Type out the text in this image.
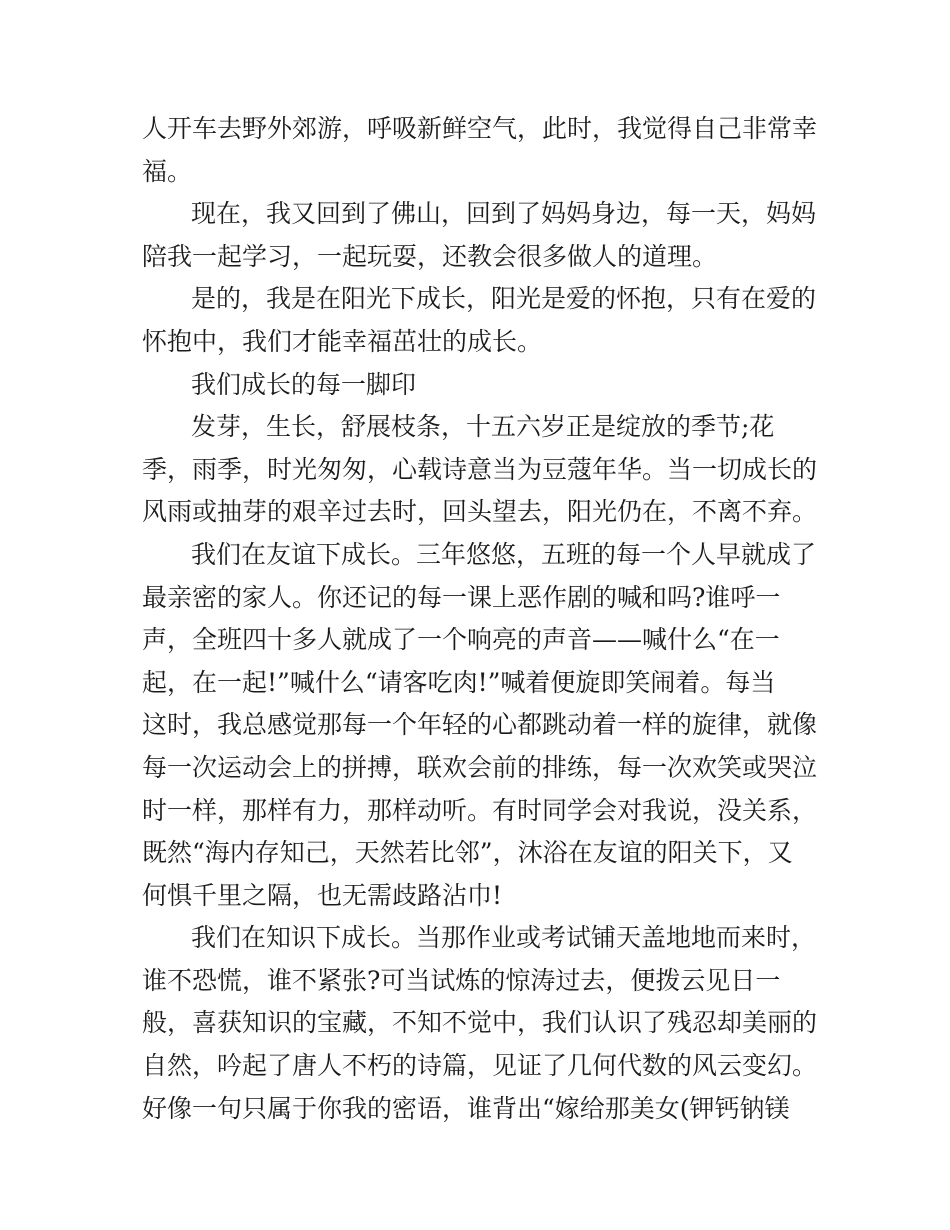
人开车去野外郊游，呼吸新鲜空气，此时，我觉得自己非常幸
福。
现在，我又回到了佛山，回到了妈妈身边，每一天，妈妈
陪我一起学习，一起玩耍，还教会很多做人的道理。
是的，我是在阳光下成长，阳光是爱的怀抱，只有在爱的
怀抱中，我们才能幸福茁壮的成长。
我们成长的每一脚印
发芽，生长，舒展枝条，十五六岁正是绽放的季节;花
季，雨季，时光匆匆，心载诗意当为豆蔻年华。当一切成长的
风雨或抽芽的艰辛过去时，回头望去，阳光仍在，不离不弃。
我们在友谊下成长。三年悠悠，五班的每一个人早就成了
最亲密的家人。你还记的每一课上恶作剧的喊和吗?谁呼一
声，全班四十多人就成了一个响亮的声音——喊什么“在一
起，在一起!”喊什么“请客吃肉!”喊着便旋即笑闹着。每当
这时，我总感觉那每一个年轻的心都跳动着一样的旋律，就像
每一次运动会上的拼搏，联欢会前的排练，每一次欢笑或哭泣
时一样，那样有力，那样动听。有时同学会对我说，没关系，
既然“海内存知己，天然若比邻”，沐浴在友谊的阳关下，又
何惧千里之隔，也无需歧路沾巾!
我们在知识下成长。当那作业或考试铺天盖地地而来时，
谁不恐慌，谁不紧张?可当试炼的惊涛过去，便拨云见日一
般，喜获知识的宝藏，不知不觉中，我们认识了残忍却美丽的
自然，吟起了唐人不朽的诗篇，见证了几何代数的风云变幻。
好像一句只属于你我的密语，谁背出“嫁给那美女(钾钙钠镁
